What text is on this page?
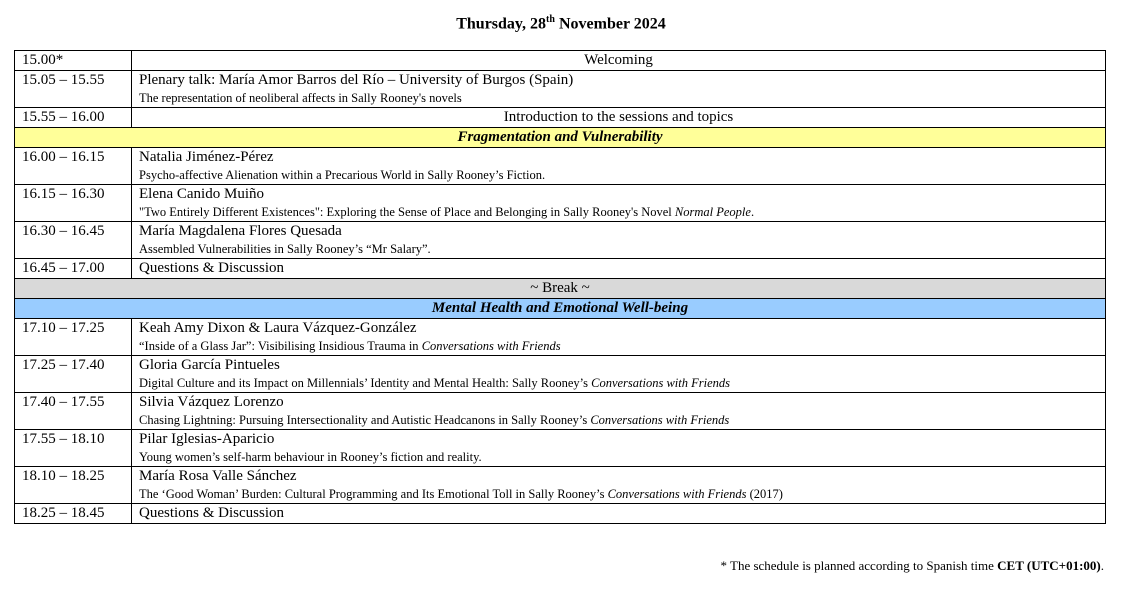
Thursday, 28th November 2024
15.00*	Welcoming
15.05 – 15.55	Plenary talk: María Amor Barros del Río – University of Burgos (Spain)
The representation of neoliberal affects in Sally Rooney's novels

15.55 – 16.00	Introduction to the sessions and topics
Fragmentation and Vulnerability	
16.00 – 16.15	Natalia Jiménez-Pérez
Psycho-affective Alienation within a Precarious World in Sally Rooney’s Fiction.

16.15 – 16.30	Elena Canido Muiño
"Two Entirely Different Existences": Exploring the Sense of Place and Belonging in Sally Rooney's Novel Normal People.

16.30 – 16.45	María Magdalena Flores Quesada
Assembled Vulnerabilities in Sally Rooney’s “Mr Salary”.

16.45 – 17.00	Questions & Discussion
~ Break ~	
Mental Health and Emotional Well-being	
17.10 – 17.25	Keah Amy Dixon & Laura Vázquez-González
“Inside of a Glass Jar”: Visibilising Insidious Trauma in Conversations with Friends

17.25 – 17.40	Gloria García Pintueles
Digital Culture and its Impact on Millennials’ Identity and Mental Health: Sally Rooney’s Conversations with Friends

17.40 – 17.55	Silvia Vázquez Lorenzo
Chasing Lightning: Pursuing Intersectionality and Autistic Headcanons in Sally Rooney’s Conversations with Friends

17.55 – 18.10	Pilar Iglesias-Aparicio
Young women’s self-harm behaviour in Rooney’s fiction and reality.

18.10 – 18.25	María Rosa Valle Sánchez
The ‘Good Woman’ Burden: Cultural Programming and Its Emotional Toll in Sally Rooney’s Conversations with Friends (2017)

18.25 – 18.45	Questions & Discussion
* The schedule is planned according to Spanish time CET (UTC+01:00).
